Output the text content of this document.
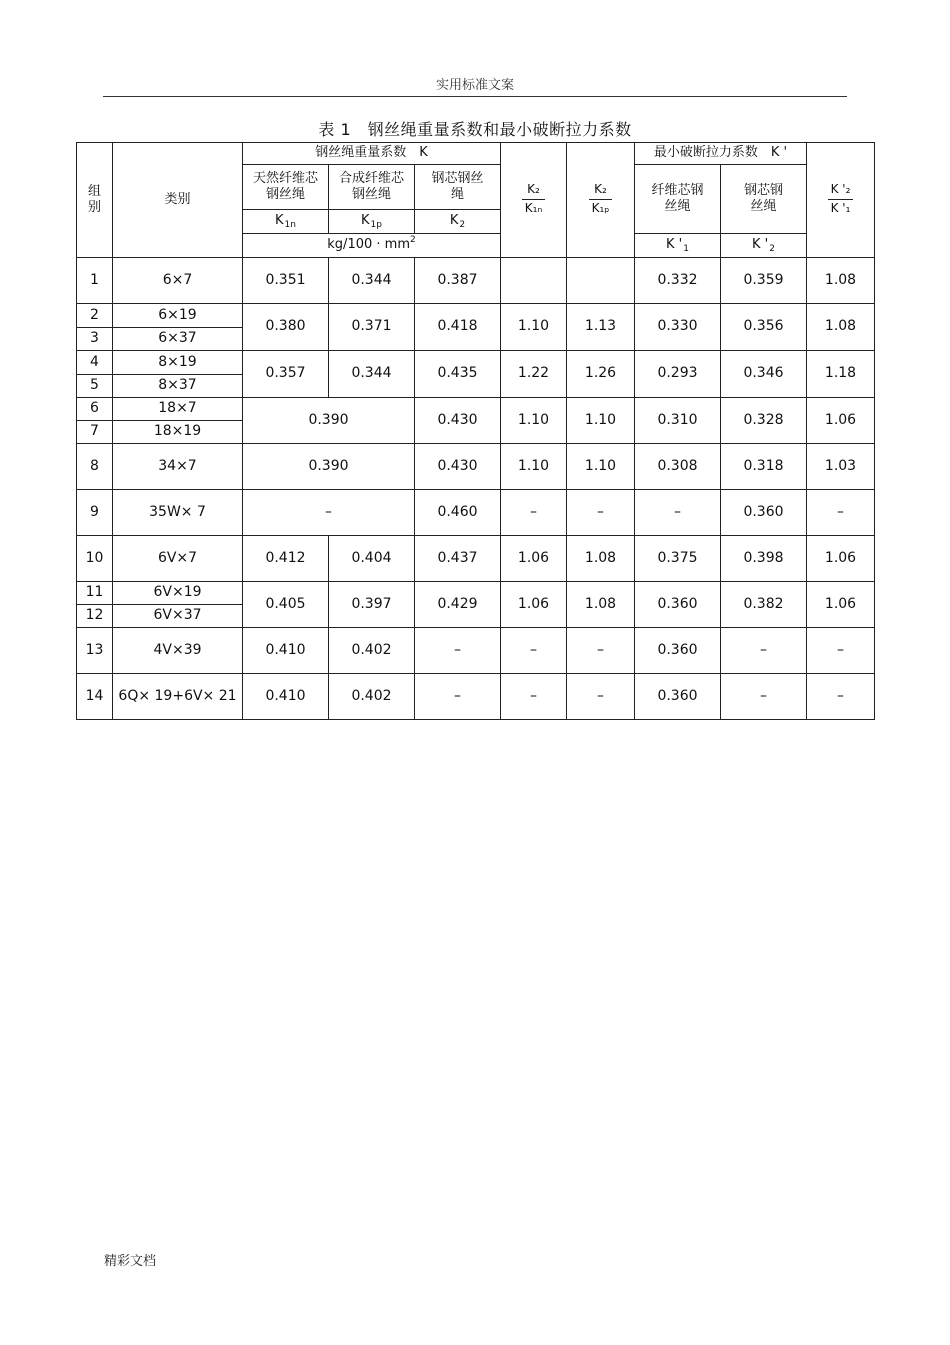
实用标准文案
表 1　钢丝绳重量系数和最小破断拉力系数
组别	类别	钢丝绳重量系数　K			$\frac{\text{K₂}}{\text{K₁ₙ}}$	$\frac{\text{K₂}}{\text{K₁ₚ}}$	最小破断拉力系数　K '		$\frac{\text{K '₂}}{\text{K '₁}}$

		天然纤维芯钢丝绳	合成纤维芯钢丝绳	钢芯钢丝绳			纤维芯钢丝绳	钢芯钢丝绳	
		$K_{1n}$	$K_{1p}$	$K_2$
		$kg/100 \cdot mm^2$					K '$_1$	K '$_2$
1	6×7	0.351	0.344	0.387			0.332	0.359	1.08
2	6×19	0.380	0.371	0.418	1.10	1.13	0.330	0.356	1.08
3	6×37								
4	8×19	0.357	0.344	0.435	1.22	1.26	0.293	0.346	1.18
5	8×37								
6	18×7	0.390		0.430	1.10	1.10	0.310	0.328	1.06
7	18×19								
8	34×7	0.390		0.430	1.10	1.10	0.308	0.318	1.03
9	35W× 7	–		0.460	–	–	–	0.360	–
10	6V×7	0.412	0.404	0.437	1.06	1.08	0.375	0.398	1.06
11	6V×19	0.405	0.397	0.429	1.06	1.08	0.360	0.382	1.06
12	6V×37								
13	4V×39	0.410	0.402	–	–	–	0.360	–	–
14	6Q× 19+6V× 21	0.410	0.402	–	–	–	0.360	–	–
精彩文档
